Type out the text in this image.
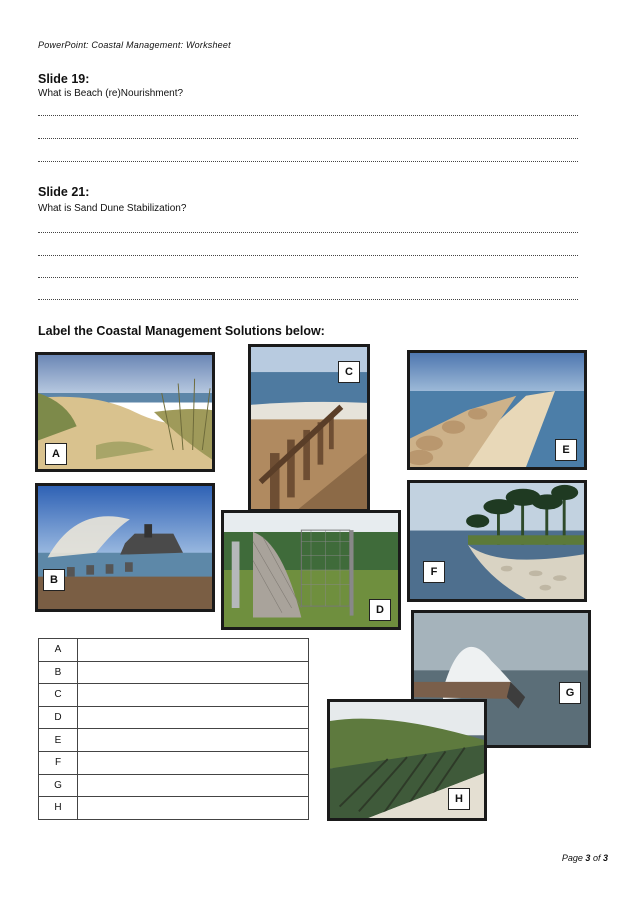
PowerPoint: Coastal Management: Worksheet
Slide 19:
What is Beach (re)Nourishment?
Slide 21:
What is Sand Dune Stabilization?
Label the Coastal Management Solutions below:
A
C
E
B
D
F
G
H
A	
B	
C	
D	
E	
F	
G	
H	
Page 3 of 3
